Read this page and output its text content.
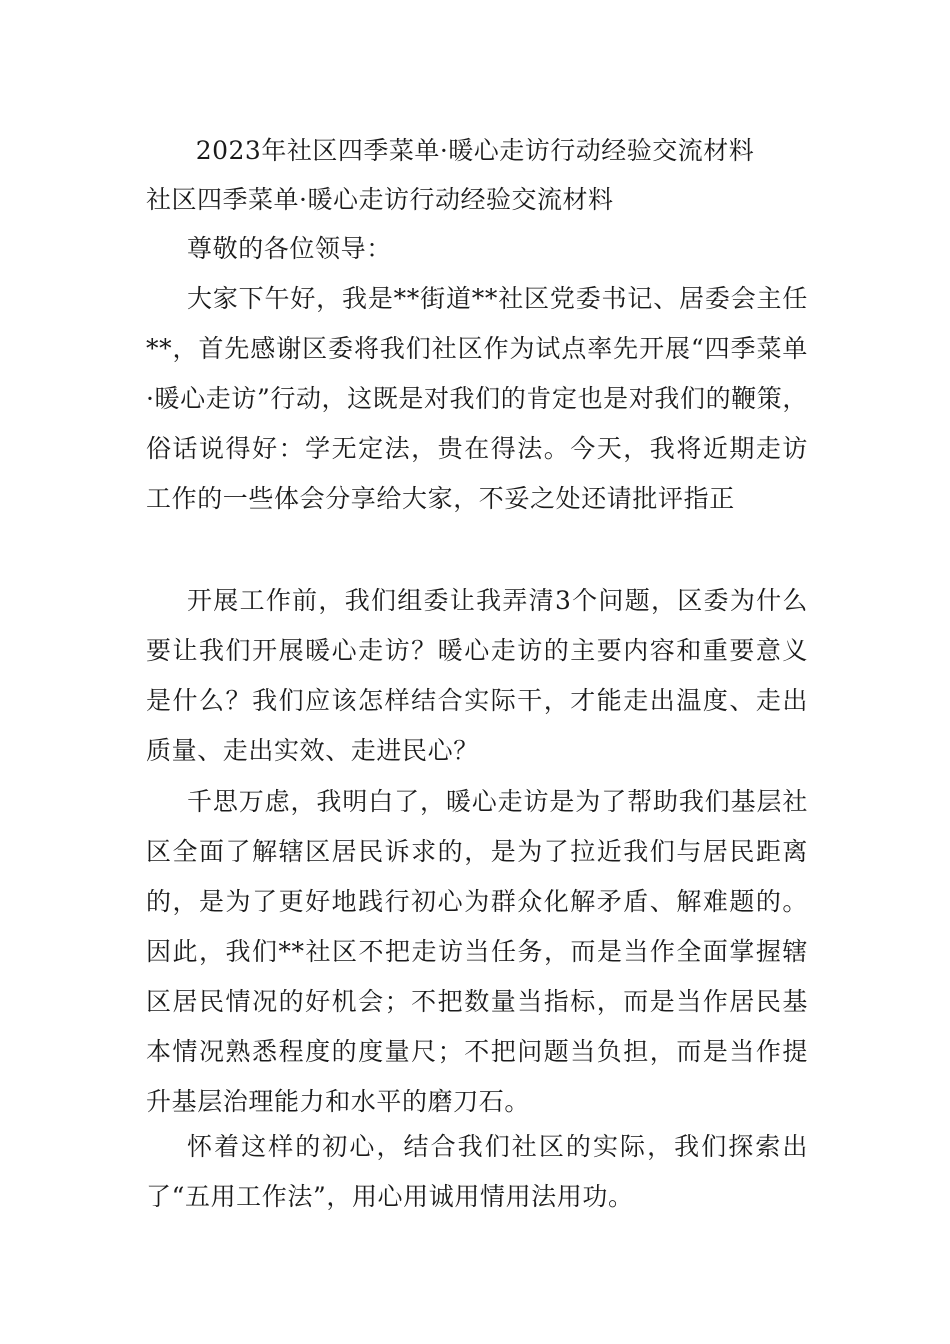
2023年社区四季菜单·暖心走访行动经验交流材料
社区四季菜单·暖心走访行动经验交流材料

尊敬的各位领导：

大家下午好，我是**街道**社区党委书记、居委会主任**，首先感谢区委将我们社区作为试点率先开展“四季菜单·暖心走访”行动，这既是对我们的肯定也是对我们的鞭策，俗话说得好：学无定法，贵在得法。今天，我将近期走访工作的一些体会分享给大家，不妥之处还请批评指正

开展工作前，我们组委让我弄清3个问题，区委为什么要让我们开展暖心走访？暖心走访的主要内容和重要意义是什么？我们应该怎样结合实际干，才能走出温度、走出质量、走出实效、走进民心？

千思万虑，我明白了，暖心走访是为了帮助我们基层社区全面了解辖区居民诉求的，是为了拉近我们与居民距离的，是为了更好地践行初心为群众化解矛盾、解难题的。因此，我们**社区不把走访当任务，而是当作全面掌握辖区居民情况的好机会；不把数量当指标，而是当作居民基本情况熟悉程度的度量尺；不把问题当负担，而是当作提升基层治理能力和水平的磨刀石。

怀着这样的初心，结合我们社区的实际，我们探索出了“五用工作法”，用心用诚用情用法用功。
